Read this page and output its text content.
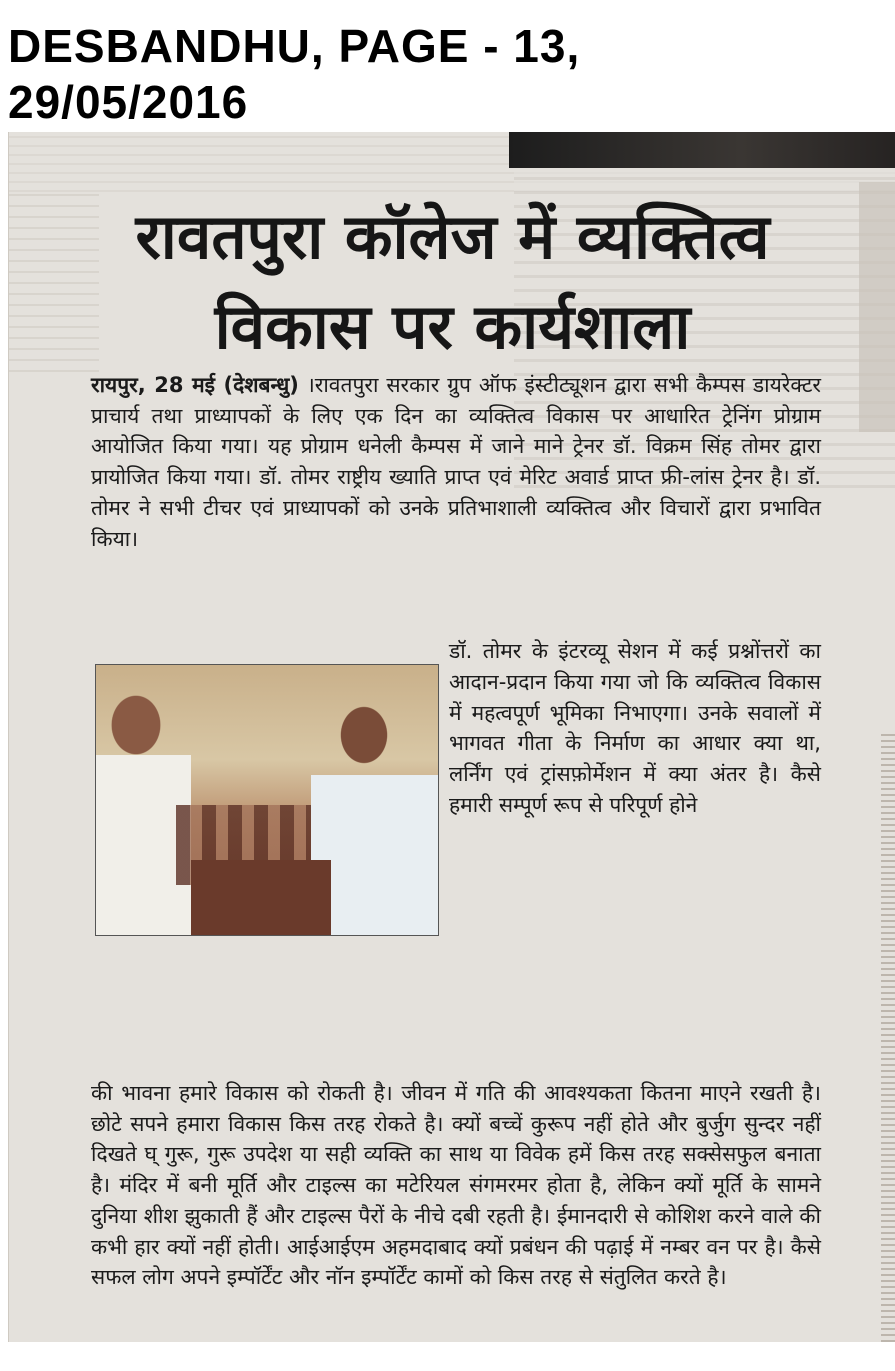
DESBANDHU, PAGE - 13,
29/05/2016
रावतपुरा कॉलेज में व्यक्तित्व
विकास पर कार्यशाला
रायपुर, 28 मई (देशबन्धु) ।रावतपुरा सरकार ग्रुप ऑफ इंस्टीट्यूशन द्वारा सभी कैम्पस डायरेक्टर प्राचार्य तथा प्राध्यापकों के लिए एक दिन का व्यक्तित्व विकास पर आधारित ट्रेनिंग प्रोग्राम आयोजित किया गया। यह प्रोग्राम धनेली कैम्पस में जाने माने ट्रेनर डॉ. विक्रम सिंह तोमर द्वारा प्रायोजित किया गया। डॉ. तोमर राष्ट्रीय ख्याति प्राप्त एवं मेरिट अवार्ड प्राप्त फ्री-लांस ट्रेनर है। डॉ. तोमर ने सभी टीचर एवं प्राध्यापकों को उनके प्रतिभाशाली व्यक्तित्व और विचारों द्वारा प्रभावित किया।
डॉ. तोमर के इंटरव्यू सेशन में कई प्रश्नोंत्तरों का आदान-प्रदान किया गया जो कि व्यक्तित्व विकास में महत्वपूर्ण भूमिका निभाएगा। उनके सवालों में भागवत गीता के निर्माण का आधार क्या था, लर्निंग एवं ट्रांसफ़ोर्मेशन में क्या अंतर है। कैसे हमारी सम्पूर्ण रूप से परिपूर्ण होने
की भावना हमारे विकास को रोकती है। जीवन में गति की आवश्यकता कितना माएने रखती है। छोटे सपने हमारा विकास किस तरह रोकते है। क्यों बच्चें कुरूप नहीं होते और बुर्जुग सुन्दर नहीं दिखते घ् गुरू, गुरू उपदेश या सही व्यक्ति का साथ या विवेक हमें किस तरह सक्सेसफुल बनाता है। मंदिर में बनी मूर्ति और टाइल्स का मटेरियल संगमरमर होता है, लेकिन क्यों मूर्ति के सामने दुनिया शीश झुकाती हैं और टाइल्स पैरों के नीचे दबी रहती है। ईमानदारी से कोशिश करने वाले की कभी हार क्यों नहीं होती। आईआईएम अहमदाबाद क्यों प्रबंधन की पढ़ाई में नम्बर वन पर है। कैसे सफल लोग अपने इम्पॉर्टेंट और नॉन इम्पॉर्टेंट कामों को किस तरह से संतुलित करते है।
